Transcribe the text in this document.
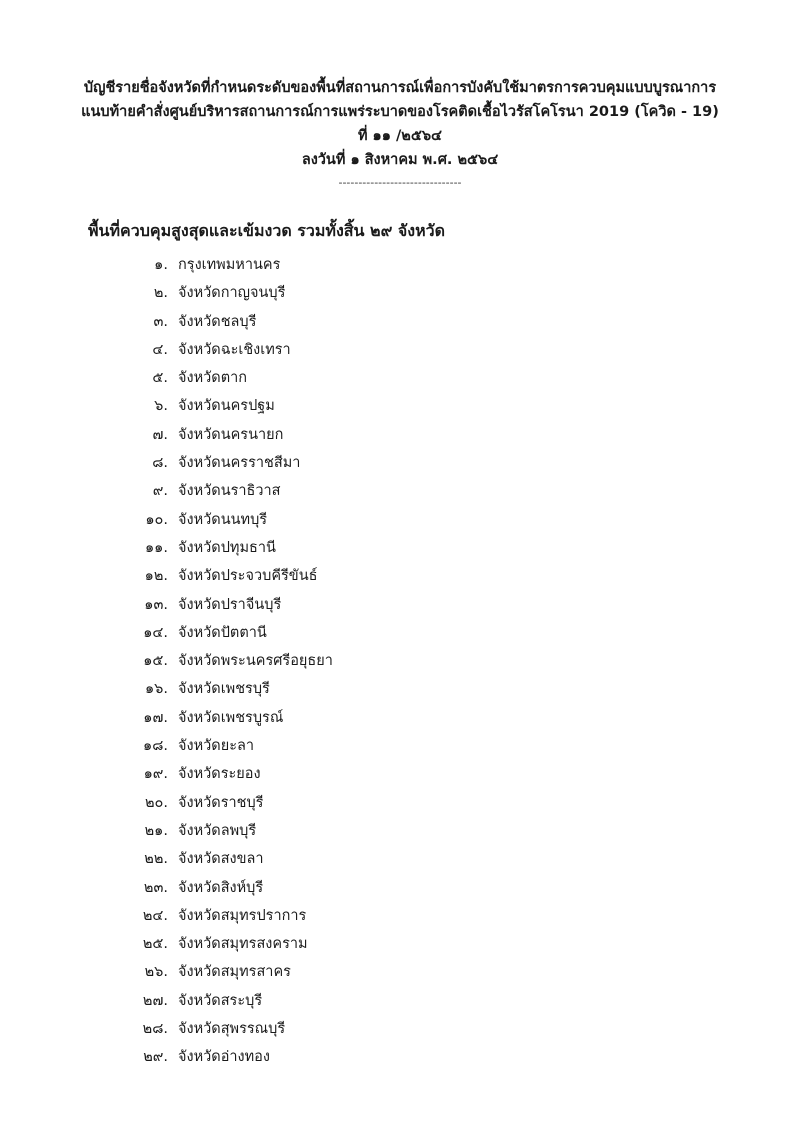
บัญชีรายชื่อจังหวัดที่กำหนดระดับของพื้นที่สถานการณ์เพื่อการบังคับใช้มาตรการควบคุมแบบบูรณาการ
แนบท้ายคำสั่งศูนย์บริหารสถานการณ์การแพร่ระบาดของโรคติดเชื้อไวรัสโคโรนา 2019 (โควิด - 19)
ที่ ๑๑ /๒๕๖๔
ลงวันที่ ๑ สิงหาคม พ.ศ. ๒๕๖๔
-------------------------------
พื้นที่ควบคุมสูงสุดและเข้มงวด รวมทั้งสิ้น ๒๙ จังหวัด
๑. กรุงเทพมหานคร
๒. จังหวัดกาญจนบุรี
๓. จังหวัดชลบุรี
๔. จังหวัดฉะเชิงเทรา
๕. จังหวัดตาก
๖. จังหวัดนครปฐม
๗. จังหวัดนครนายก
๘. จังหวัดนครราชสีมา
๙. จังหวัดนราธิวาส
๑๐. จังหวัดนนทบุรี
๑๑. จังหวัดปทุมธานี
๑๒. จังหวัดประจวบคีรีขันธ์
๑๓. จังหวัดปราจีนบุรี
๑๔. จังหวัดปัตตานี
๑๕. จังหวัดพระนครศรีอยุธยา
๑๖. จังหวัดเพชรบุรี
๑๗. จังหวัดเพชรบูรณ์
๑๘. จังหวัดยะลา
๑๙. จังหวัดระยอง
๒๐. จังหวัดราชบุรี
๒๑. จังหวัดลพบุรี
๒๒. จังหวัดสงขลา
๒๓. จังหวัดสิงห์บุรี
๒๔. จังหวัดสมุทรปราการ
๒๕. จังหวัดสมุทรสงคราม
๒๖. จังหวัดสมุทรสาคร
๒๗. จังหวัดสระบุรี
๒๘. จังหวัดสุพรรณบุรี
๒๙. จังหวัดอ่างทอง
